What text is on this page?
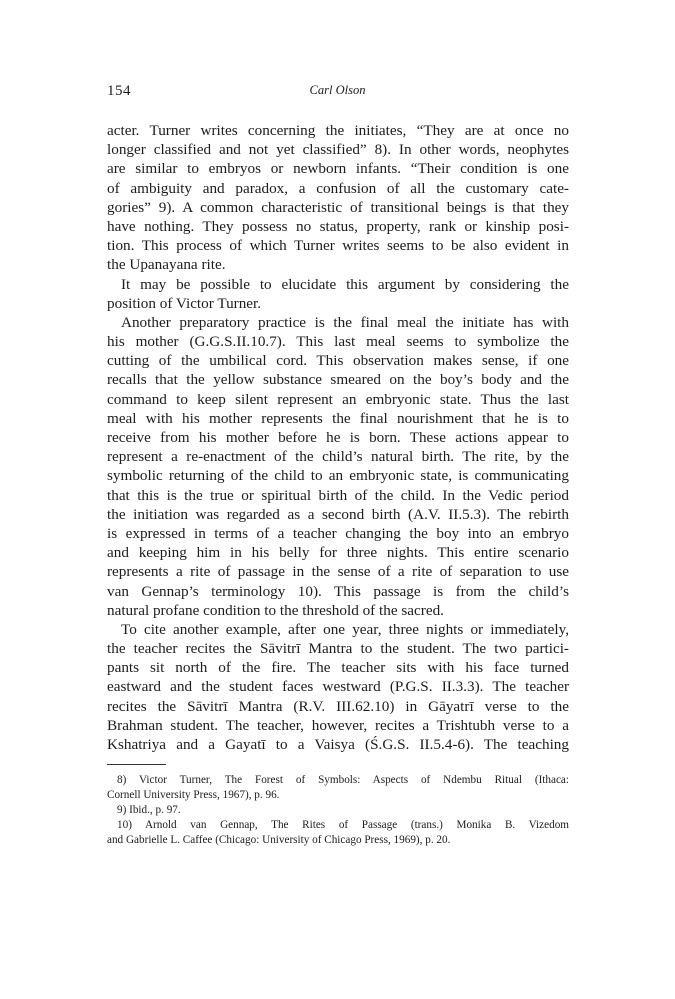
154	Carl Olson
acter. Turner writes concerning the initiates, “They are at once no
longer classified and not yet classified” 8). In other words, neophytes
are similar to embryos or newborn infants. “Their condition is one
of ambiguity and paradox, a confusion of all the customary cate-
gories” 9). A common characteristic of transitional beings is that they
have nothing. They possess no status, property, rank or kinship posi-
tion. This process of which Turner writes seems to be also evident in
the Upanayana rite.
It may be possible to elucidate this argument by considering the
position of Victor Turner.
Another preparatory practice is the final meal the initiate has with
his mother (G.G.S.II.10.7). This last meal seems to symbolize the
cutting of the umbilical cord. This observation makes sense, if one
recalls that the yellow substance smeared on the boy’s body and the
command to keep silent represent an embryonic state. Thus the last
meal with his mother represents the final nourishment that he is to
receive from his mother before he is born. These actions appear to
represent a re-enactment of the child’s natural birth. The rite, by the
symbolic returning of the child to an embryonic state, is communicating
that this is the true or spiritual birth of the child. In the Vedic period
the initiation was regarded as a second birth (A.V. II.5.3). The rebirth
is expressed in terms of a teacher changing the boy into an embryo
and keeping him in his belly for three nights. This entire scenario
represents a rite of passage in the sense of a rite of separation to use
van Gennap’s terminology 10). This passage is from the child’s
natural profane condition to the threshold of the sacred.
To cite another example, after one year, three nights or immediately,
the teacher recites the Sāvitrī Mantra to the student. The two partici-
pants sit north of the fire. The teacher sits with his face turned
eastward and the student faces westward (P.G.S. II.3.3). The teacher
recites the Sāvitrī Mantra (R.V. III.62.10) in Gāyatrī verse to the
Brahman student. The teacher, however, recites a Trishtubh verse to a
Kshatriya and a Gayatī to a Vaisya (Ś.G.S. II.5.4-6). The teaching
8) Victor Turner, The Forest of Symbols: Aspects of Ndembu Ritual (Ithaca:
Cornell University Press, 1967), p. 96.
9) Ibid., p. 97.
10) Arnold van Gennap, The Rites of Passage (trans.) Monika B. Vizedom
and Gabrielle L. Caffee (Chicago: University of Chicago Press, 1969), p. 20.
